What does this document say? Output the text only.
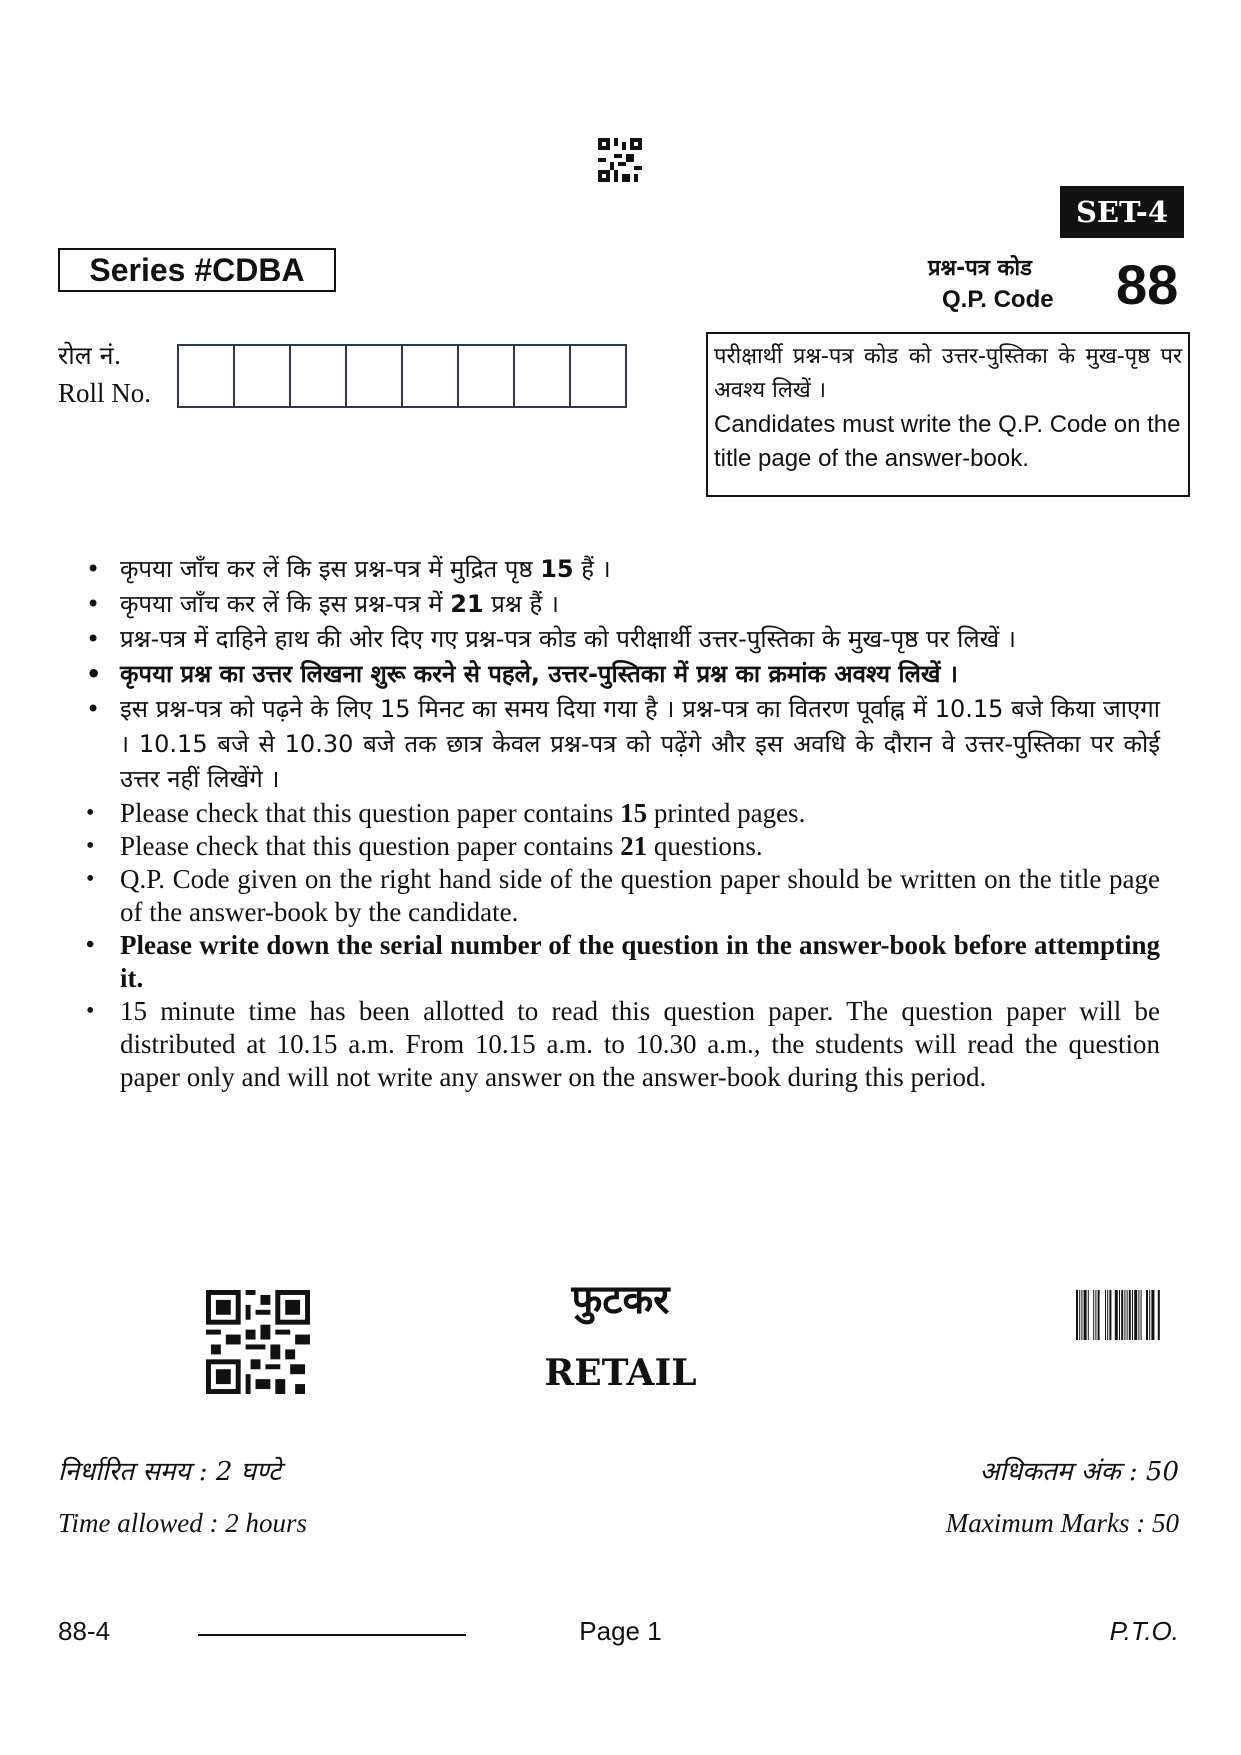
SET-4
Series #CDBA	प्रश्न-पत्र कोड
Q.P. Code 88
रोल नं.
Roll No.
परीक्षार्थी प्रश्न-पत्र कोड को उत्तर-पुस्तिका के मुख-पृष्ठ पर अवश्य लिखें ।
Candidates must write the Q.P. Code on the title page of the answer-book.
• कृपया जाँच कर लें कि इस प्रश्न-पत्र में मुद्रित पृष्ठ 15 हैं ।
• कृपया जाँच कर लें कि इस प्रश्न-पत्र में 21 प्रश्न हैं ।
• प्रश्न-पत्र में दाहिने हाथ की ओर दिए गए प्रश्न-पत्र कोड को परीक्षार्थी उत्तर-पुस्तिका के मुख-पृष्ठ पर लिखें ।
• कृपया प्रश्न का उत्तर लिखना शुरू करने से पहले, उत्तर-पुस्तिका में प्रश्न का क्रमांक अवश्य लिखें ।
• इस प्रश्न-पत्र को पढ़ने के लिए 15 मिनट का समय दिया गया है । प्रश्न-पत्र का वितरण पूर्वाह्न में 10.15 बजे किया जाएगा । 10.15 बजे से 10.30 बजे तक छात्र केवल प्रश्न-पत्र को पढ़ेंगे और इस अवधि के दौरान वे उत्तर-पुस्तिका पर कोई उत्तर नहीं लिखेंगे ।
• Please check that this question paper contains 15 printed pages.
• Please check that this question paper contains 21 questions.
• Q.P. Code given on the right hand side of the question paper should be written on the title page of the answer-book by the candidate.
• Please write down the serial number of the question in the answer-book before attempting it.
• 15 minute time has been allotted to read this question paper. The question paper will be distributed at 10.15 a.m. From 10.15 a.m. to 10.30 a.m., the students will read the question paper only and will not write any answer on the answer-book during this period.
फुटकर
RETAIL
निर्धारित समय : 2 घण्टे
Time allowed : 2 hours
अधिकतम अंक : 50
Maximum Marks : 50
88-4	Page 1	P.T.O.
